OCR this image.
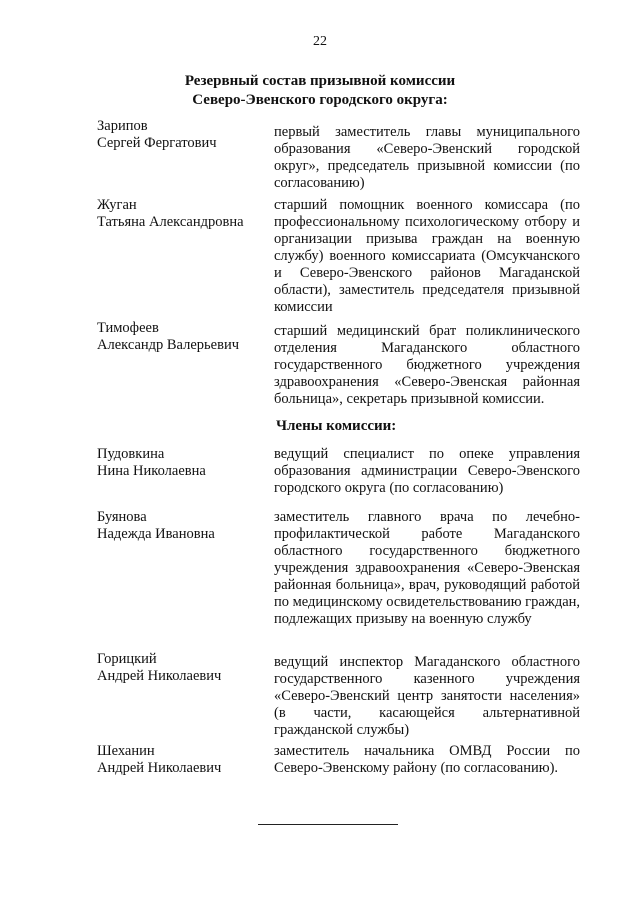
22
Резервный состав призывной комиссии
Северо-Эвенского городского округа:
Зарипов
Сергей Фергатович
первый заместитель главы муниципального образования «Северо-Эвенский городской округ», председатель призывной комиссии (по согласованию)
Жуган
Татьяна Александровна
старший помощник военного комиссара (по профессиональному психологическому отбору и организации призыва граждан на военную службу) военного комиссариата (Омсукчанского и Северо-Эвенского районов Магаданской области), заместитель председателя призывной комиссии
Тимофеев
Александр Валерьевич
старший медицинский брат поликлинического отделения Магаданского областного государственного бюджетного учреждения здравоохранения «Северо-Эвенская районная больница», секретарь призывной комиссии.
Члены комиссии:
Пудовкина
Нина Николаевна
ведущий специалист по опеке управления образования администрации Северо-Эвенского городского округа (по согласованию)
Буянова
Надежда Ивановна
заместитель главного врача по лечебно-профилактической работе Магаданского областного государственного бюджетного учреждения здравоохранения «Северо-Эвенская районная больница», врач, руководящий работой по медицинскому освидетельствованию граждан, подлежащих призыву на военную службу
Горицкий
Андрей Николаевич
ведущий инспектор Магаданского областного государственного казенного учреждения «Северо-Эвенский центр занятости населения» (в части, касающейся альтернативной гражданской службы)
Шеханин
Андрей Николаевич
заместитель начальника ОМВД России по Северо-Эвенскому району (по согласованию).
